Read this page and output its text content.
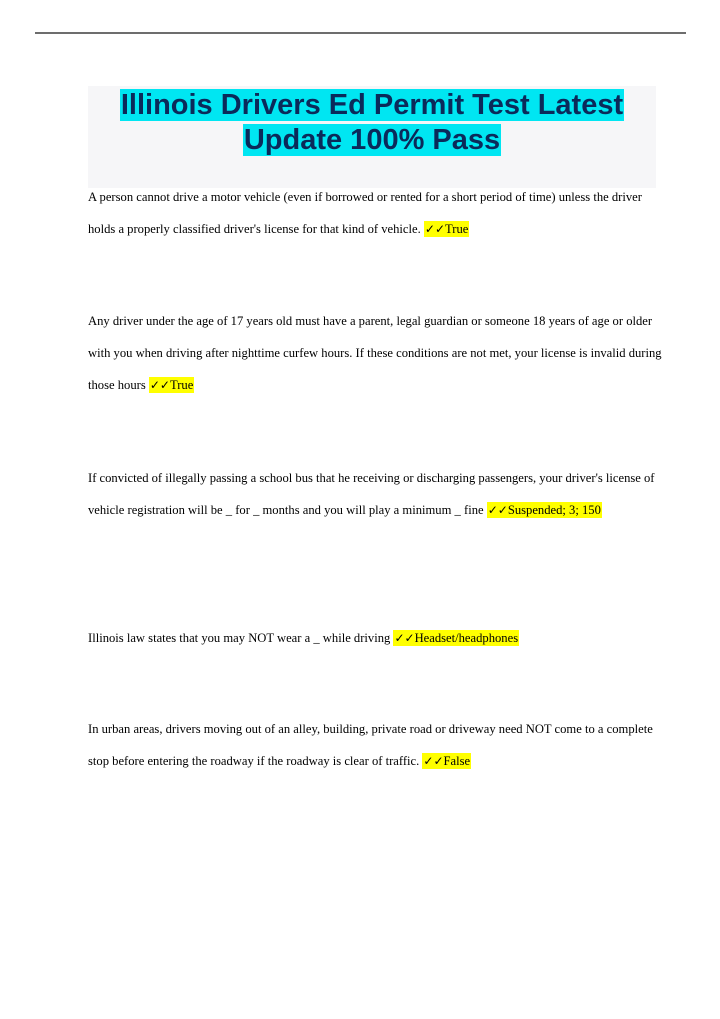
Illinois Drivers Ed Permit Test Latest
Update 100% Pass

A person cannot drive a motor vehicle (even if borrowed or rented for a short period of time) unless the driver holds a properly classified driver's license for that kind of vehicle. ✓✓True

Any driver under the age of 17 years old must have a parent, legal guardian or someone 18 years of age or older with you when driving after nighttime curfew hours. If these conditions are not met, your license is invalid during those hours ✓✓True

If convicted of illegally passing a school bus that he receiving or discharging passengers, your driver's license of vehicle registration will be _ for _ months and you will play a minimum _ fine ✓✓Suspended; 3; 150

Illinois law states that you may NOT wear a _ while driving ✓✓Headset/headphones

In urban areas, drivers moving out of an alley, building, private road or driveway need NOT come to a complete stop before entering the roadway if the roadway is clear of traffic. ✓✓False
